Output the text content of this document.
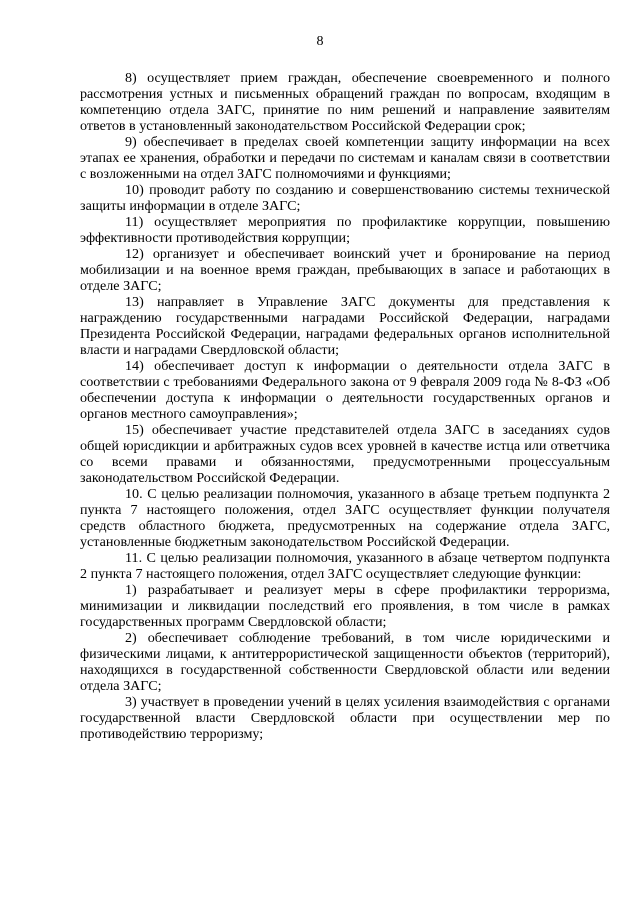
8

8) осуществляет прием граждан, обеспечение своевременного и полного рассмотрения устных и письменных обращений граждан по вопросам, входящим в компетенцию отдела ЗАГС, принятие по ним решений и направление заявителям ответов в установленный законодательством Российской Федерации срок;

9) обеспечивает в пределах своей компетенции защиту информации на всех этапах ее хранения, обработки и передачи по системам и каналам связи в соответствии с возложенными на отдел ЗАГС полномочиями и функциями;

10) проводит работу по созданию и совершенствованию системы технической защиты информации в отделе ЗАГС;

11) осуществляет мероприятия по профилактике коррупции, повышению эффективности противодействия коррупции;

12) организует и обеспечивает воинский учет и бронирование на период мобилизации и на военное время граждан, пребывающих в запасе и работающих в отделе ЗАГС;

13) направляет в Управление ЗАГС документы для представления к награждению государственными наградами Российской Федерации, наградами Президента Российской Федерации, наградами федеральных органов исполнительной власти и наградами Свердловской области;

14) обеспечивает доступ к информации о деятельности отдела ЗАГС в соответствии с требованиями Федерального закона от 9 февраля 2009 года № 8-ФЗ «Об обеспечении доступа к информации о деятельности государственных органов и органов местного самоуправления»;

15) обеспечивает участие представителей отдела ЗАГС в заседаниях судов общей юрисдикции и арбитражных судов всех уровней в качестве истца или ответчика со всеми правами и обязанностями, предусмотренными процессуальным законодательством Российской Федерации.

10. С целью реализации полномочия, указанного в абзаце третьем подпункта 2 пункта 7 настоящего положения, отдел ЗАГС осуществляет функции получателя средств областного бюджета, предусмотренных на содержание отдела ЗАГС, установленные бюджетным законодательством Российской Федерации.

11. С целью реализации полномочия, указанного в абзаце четвертом подпункта 2 пункта 7 настоящего положения, отдел ЗАГС осуществляет следующие функции:

1) разрабатывает и реализует меры в сфере профилактики терроризма, минимизации и ликвидации последствий его проявления, в том числе в рамках государственных программ Свердловской области;

2) обеспечивает соблюдение требований, в том числе юридическими и физическими лицами, к антитеррористической защищенности объектов (территорий), находящихся в государственной собственности Свердловской области или ведении отдела ЗАГС;

3) участвует в проведении учений в целях усиления взаимодействия с органами государственной власти Свердловской области при осуществлении мер по противодействию терроризму;
